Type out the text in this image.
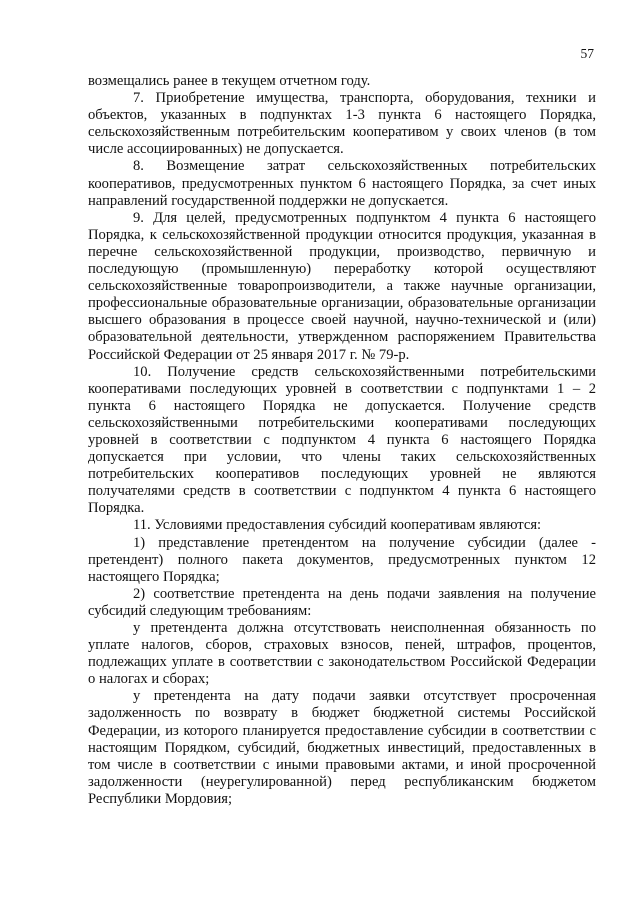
57

возмещались ранее в текущем отчетном году.

7. Приобретение имущества, транспорта, оборудования, техники и объектов, указанных в подпунктах 1-3 пункта 6 настоящего Порядка, сельскохозяйственным потребительским кооперативом у своих членов (в том числе ассоциированных) не допускается.

8. Возмещение затрат сельскохозяйственных потребительских кооперативов, предусмотренных пунктом 6 настоящего Порядка, за счет иных направлений государственной поддержки не допускается.

9. Для целей, предусмотренных подпунктом 4 пункта 6 настоящего Порядка, к сельскохозяйственной продукции относится продукция, указанная в перечне сельскохозяйственной продукции, производство, первичную и последующую (промышленную) переработку которой осуществляют сельскохозяйственные товаропроизводители, а также научные организации, профессиональные образовательные организации, образовательные организации высшего образования в процессе своей научной, научно-технической и (или) образовательной деятельности, утвержденном распоряжением Правительства Российской Федерации от 25 января 2017 г. № 79-р.

10. Получение средств сельскохозяйственными потребительскими кооперативами последующих уровней в соответствии с подпунктами 1 – 2 пункта 6 настоящего Порядка не допускается. Получение средств сельскохозяйственными потребительскими кооперативами последующих уровней в соответствии с подпунктом 4 пункта 6 настоящего Порядка допускается при условии, что члены таких сельскохозяйственных потребительских кооперативов последующих уровней не являются получателями средств в соответствии с подпунктом 4 пункта 6 настоящего Порядка.

11. Условиями предоставления субсидий кооперативам являются:

1) представление претендентом на получение субсидии (далее - претендент) полного пакета документов, предусмотренных пунктом 12 настоящего Порядка;

2) соответствие претендента на день подачи заявления на получение субсидий следующим требованиям:

у претендента должна отсутствовать неисполненная обязанность по уплате налогов, сборов, страховых взносов, пеней, штрафов, процентов, подлежащих уплате в соответствии с законодательством Российской Федерации о налогах и сборах;

у претендента на дату подачи заявки отсутствует просроченная задолженность по возврату в бюджет бюджетной системы Российской Федерации, из которого планируется предоставление субсидии в соответствии с настоящим Порядком, субсидий, бюджетных инвестиций, предоставленных в том числе в соответствии с иными правовыми актами, и иной просроченной задолженности (неурегулированной) перед республиканским бюджетом Республики Мордовия;
